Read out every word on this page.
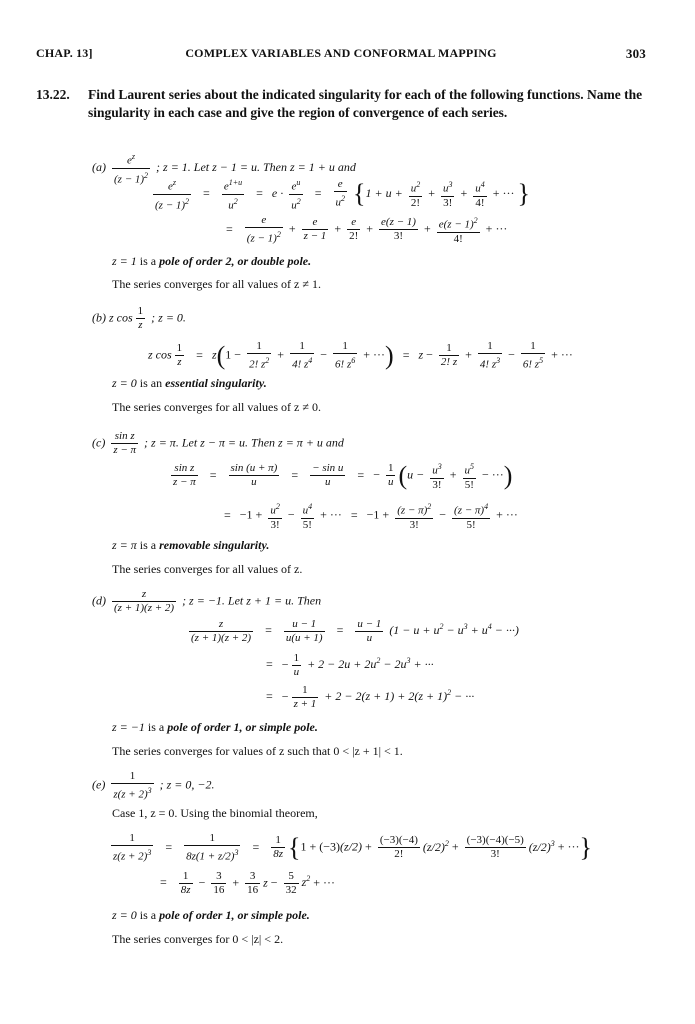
CHAP. 13]	COMPLEX VARIABLES AND CONFORMAL MAPPING	303
13.22. Find Laurent series about the indicated singularity for each of the following functions. Name the singularity in each case and give the region of convergence of each series.
$(a) \frac{e^z}{(z - 1)^2}$ ; z = 1. Let z − 1 = u. Then z = 1 + u and
$\frac{e^z}{(z - 1)^2} = \frac{e^{1+u}}{u^2} = e \cdot \frac{e^u}{u^2} = \frac{e}{u^2} \{1 + u + \frac{u^2}{2!} + \frac{u^3}{3!} + \frac{u^4}{4!}$ + ··· }
= $\frac{e}{(z - 1)^2} + \frac{e}{z - 1} + \frac{e}{2!} + \frac{e(z - 1)}{3!} + \frac{e(z - 1)^2}{4!}$ + ···
z = 1 is a pole of order 2, or double pole.
The series converges for all values of z ≠ 1.
(b) z $\cos \frac{1}{z}$ ; z = 0.
z $\cos \frac{1}{z} = z(1 - \frac{1}{2! z^2} + \frac{1}{4! z^4} - \frac{1}{6! z^6}$ + ···) = $z - \frac{1}{2! z} + \frac{1}{4! z^3} - \frac{1}{6! z^5}$ + ···
z = 0 is an essential singularity.
The series converges for all values of z ≠ 0.
$(c) \frac{\text{sin z}}{z - \pi}$ ; z = π. Let z − π = u. Then z = π + u and
$\frac{\text{sin z}}{z - \pi} = \frac{\sin (u + \pi)}{u} = \frac{\text{− sin u}}{u}$ = − $\frac{1}{u} (u - \frac{u^3}{3!} + \frac{u^5}{5!}$ − ···)
= $-1 + \frac{u^2}{3!} - \frac{u^4}{5!}$ + ··· = $-1 + \frac{(z - \pi)^2}{3!} - \frac{(z - \pi)^4}{5!}$ + ···
z = π is a removable singularity.
The series converges for all values of z.
$(d) \frac{z}{(z + 1)(z + 2)}$ ; z = −1. Let z + 1 = u. Then
$\frac{z}{(z + 1)(z + 2)} = \frac{u - 1}{u(u + 1)} = \frac{u - 1}{u} (1 - u + u^2 - u^3 + u^4$ − ···)
= − $\frac{1}{u} + 2 - 2u + 2u^2 - 2u^3$ + ···
= − $\frac{1}{z + 1} + 2 - 2(z + 1) + 2(z + 1)^2$ − ···
z = −1 is a pole of order 1, or simple pole.
The series converges for values of z such that 0 < |z + 1| < 1.
$(e) \frac{1}{z(z + 2)^3}$ ; z = 0, −2.
Case 1, z = 0. Using the binomial theorem,
$\frac{1}{z(z + 2)^3} = \frac{1}{8z(1 + z/2)^3} = \frac{1}{8z} \{1 + (-3)(z/2) + \frac{(-3)(-4)}{2!} (z/2)^2 + \frac{(-3)(-4)(-5)}{3!} (z/2)^3$ + ···}
= $\frac{1}{8z} - \frac{3}{16} + \frac{3}{16}$ $z - \frac{5}{32} z^2$ + ···
z = 0 is a pole of order 1, or simple pole.
The series converges for 0 < |z| < 2.
